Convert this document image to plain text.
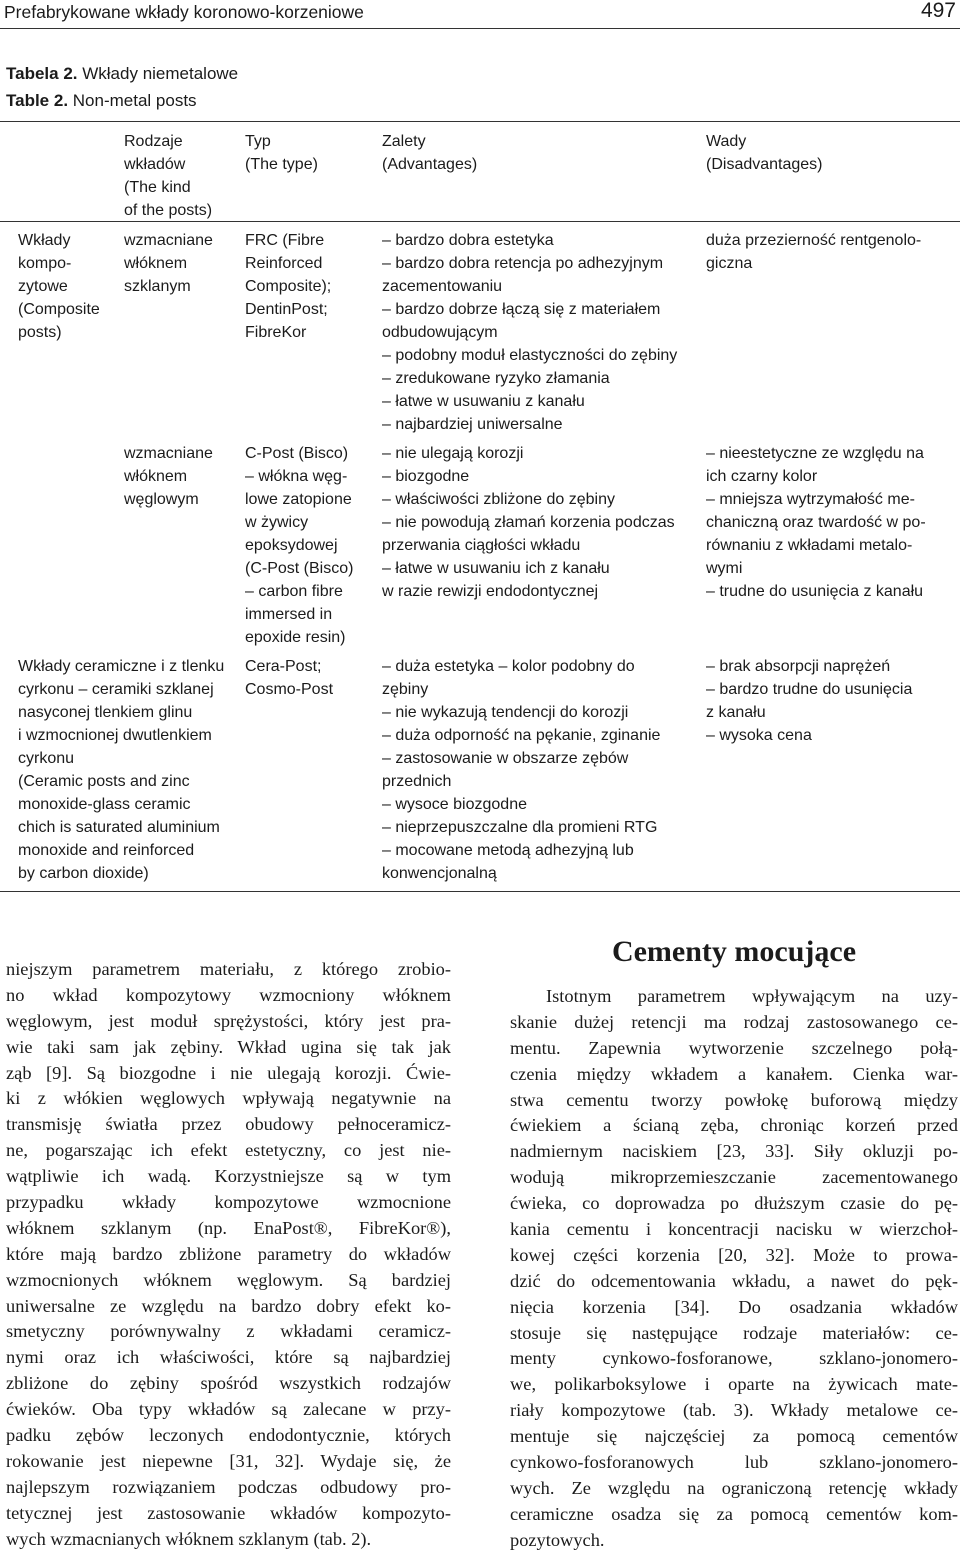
Prefabrykowane wkłady koronowo-korzeniowe	497
Tabela 2. Wkłady niemetalowe
Table 2. Non-metal posts
Rodzaje
wkładów
(The kind
of the posts)
Typ
(The type)
Zalety
(Advantages)
Wady
(Disadvantages)
Wkłady
kompo-
zytowe
(Composite
posts)
wzmacniane
włóknem
szklanym
FRC (Fibre
Reinforced
Composite);
DentinPost;
FibreKor
– bardzo dobra estetyka
– bardzo dobra retencja po adhezyjnym
zacementowaniu
– bardzo dobrze łączą się z materiałem
odbudowującym
– podobny moduł elastyczności do zębiny
– zredukowane ryzyko złamania
– łatwe w usuwaniu z kanału
– najbardziej uniwersalne
duża przezierność rentgenolo-
giczna
wzmacniane
włóknem
węglowym
C-Post (Bisco)
– włókna węg-
lowe zatopione
w żywicy
epoksydowej
(C-Post (Bisco)
– carbon fibre
immersed in
epoxide resin)
– nie ulegają korozji
– biozgodne
– właściwości zbliżone do zębiny
– nie powodują złamań korzenia podczas
przerwania ciągłości wkładu
– łatwe w usuwaniu ich z kanału
w razie rewizji endodontycznej
– nieestetyczne ze względu na
ich czarny kolor
– mniejsza wytrzymałość me-
chaniczną oraz twardość w po-
równaniu z wkładami metalo-
wymi
– trudne do usunięcia z kanału
Wkłady ceramiczne i z tlenku
cyrkonu – ceramiki szklanej
nasyconej tlenkiem glinu
i wzmocnionej dwutlenkiem
cyrkonu
(Ceramic posts and zinc
monoxide-glass ceramic
chich is saturated aluminium
monoxide and reinforced
by carbon dioxide)
Cera-Post;
Cosmo-Post
– duża estetyka – kolor podobny do
zębiny
– nie wykazują tendencji do korozji
– duża odporność na pękanie, zginanie
– zastosowanie w obszarze zębów
przednich
– wysoce biozgodne
– nieprzepuszczalne dla promieni RTG
– mocowane metodą adhezyjną lub
konwencjonalną
– brak absorpcji naprężeń
– bardzo trudne do usunięcia
z kanału
– wysoka cena
niejszym parametrem materiału, z którego zrobio-
no wkład kompozytowy wzmocniony włóknem
węglowym, jest moduł sprężystości, który jest pra-
wie taki sam jak zębiny. Wkład ugina się tak jak
ząb [9]. Są biozgodne i nie ulegają korozji. Ćwie-
ki z włókien węglowych wpływają negatywnie na
transmisję światła przez obudowy pełnoceramicz-
ne, pogarszając ich efekt estetyczny, co jest nie-
wątpliwie ich wadą. Korzystniejsze są w tym
przypadku wkłady kompozytowe wzmocnione
włóknem szklanym (np. EnaPost®, FibreKor®),
które mają bardzo zbliżone parametry do wkładów
wzmocnionych włóknem węglowym. Są bardziej
uniwersalne ze względu na bardzo dobry efekt ko-
smetyczny porównywalny z wkładami ceramicz-
nymi oraz ich właściwości, które są najbardziej
zbliżone do zębiny spośród wszystkich rodzajów
ćwieków. Oba typy wkładów są zalecane w przy-
padku zębów leczonych endodontycznie, których
rokowanie jest niepewne [31, 32]. Wydaje się, że
najlepszym rozwiązaniem podczas odbudowy pro-
tetycznej jest zastosowanie wkładów kompozyto-
wych wzmacnianych włóknem szklanym (tab. 2).
Cementy mocujące
Istotnym parametrem wpływającym na uzy-
skanie dużej retencji ma rodzaj zastosowanego ce-
mentu. Zapewnia wytworzenie szczelnego połą-
czenia między wkładem a kanałem. Cienka war-
stwa cementu tworzy powłokę buforową między
ćwiekiem a ścianą zęba, chroniąc korzeń przed
nadmiernym naciskiem [23, 33]. Siły okluzji po-
wodują mikroprzemieszczanie zacementowanego
ćwieka, co doprowadza po dłuższym czasie do pę-
kania cementu i koncentracji nacisku w wierzchoł-
kowej części korzenia [20, 32]. Może to prowa-
dzić do odcementowania wkładu, a nawet do pęk-
nięcia korzenia [34]. Do osadzania wkładów
stosuje się następujące rodzaje materiałów: ce-
menty cynkowo-fosforanowe, szklano-jonomero-
we, polikarboksylowe i oparte na żywicach mate-
riały kompozytowe (tab. 3). Wkłady metalowe ce-
mentuje się najczęściej za pomocą cementów
cynkowo-fosforanowych lub szklano-jonomero-
wych. Ze względu na ograniczoną retencję wkłady
ceramiczne osadza się za pomocą cementów kom-
pozytowych.
